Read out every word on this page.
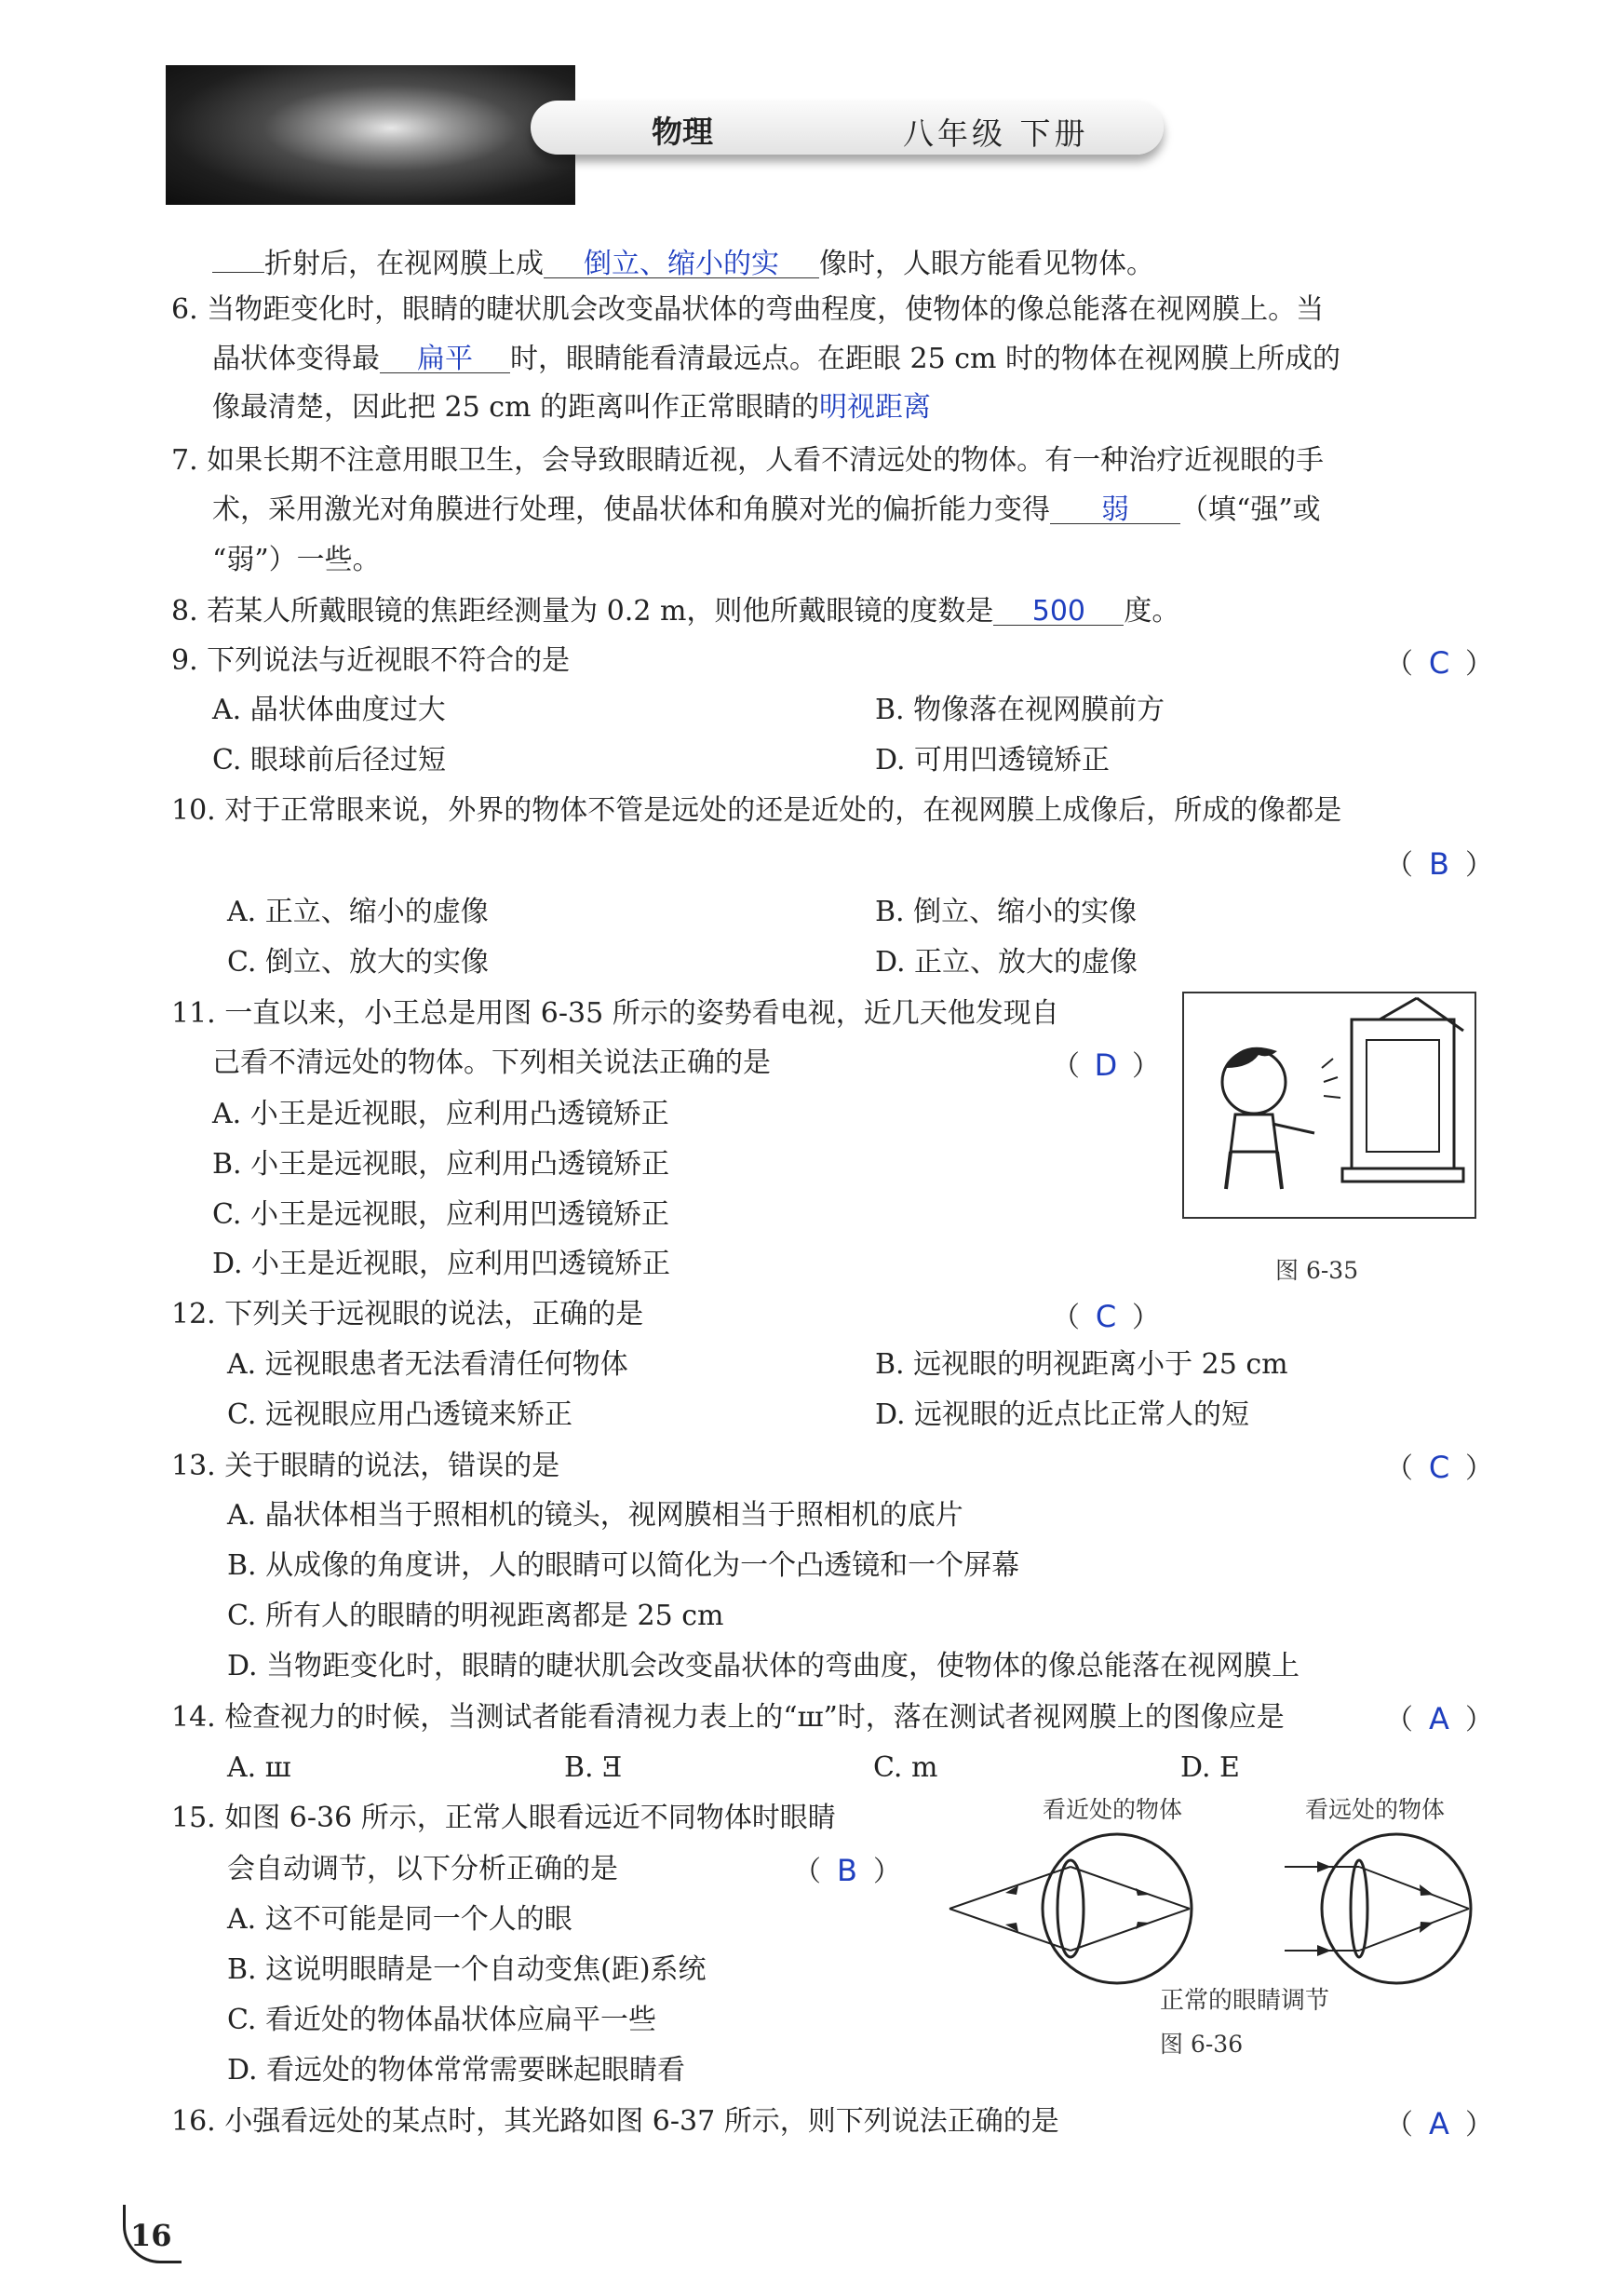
物理	八年级 下册
折射后，在视网膜上成 倒立、缩小的实 像时，人眼方能看见物体。
6. 当物距变化时，眼睛的睫状肌会改变晶状体的弯曲程度，使物体的像总能落在视网膜上。当
晶状体变得最 扁平 时，眼睛能看清最远点。在距眼 25 cm 时的物体在视网膜上所成的
像最清楚，因此把 25 cm 的距离叫作正常眼睛的明视距离
7. 如果长期不注意用眼卫生，会导致眼睛近视，人看不清远处的物体。有一种治疗近视眼的手
术，采用激光对角膜进行处理，使晶状体和角膜对光的偏折能力变得 弱 （填“强”或
“弱”）一些。
8. 若某人所戴眼镜的焦距经测量为 0.2 m，则他所戴眼镜的度数是 500 度。
9. 下列说法与近视眼不符合的是	（ C ）
A. 晶状体曲度过大	B. 物像落在视网膜前方
C. 眼球前后径过短	D. 可用凹透镜矫正
10. 对于正常眼来说，外界的物体不管是远处的还是近处的，在视网膜上成像后，所成的像都是
（ B ）
A. 正立、缩小的虚像	B. 倒立、缩小的实像
C. 倒立、放大的实像	D. 正立、放大的虚像
11. 一直以来，小王总是用图 6-35 所示的姿势看电视，近几天他发现自
己看不清远处的物体。下列相关说法正确的是	（ D ）
A. 小王是近视眼，应利用凸透镜矫正
B. 小王是远视眼，应利用凸透镜矫正
C. 小王是远视眼，应利用凹透镜矫正
D. 小王是近视眼，应利用凹透镜矫正	图 6-35
12. 下列关于远视眼的说法，正确的是	（ C ）
A. 远视眼患者无法看清任何物体	B. 远视眼的明视距离小于 25 cm
C. 远视眼应用凸透镜来矫正	D. 远视眼的近点比正常人的短
13. 关于眼睛的说法，错误的是	（ C ）
A. 晶状体相当于照相机的镜头，视网膜相当于照相机的底片
B. 从成像的角度讲，人的眼睛可以简化为一个凸透镜和一个屏幕
C. 所有人的眼睛的明视距离都是 25 cm
D. 当物距变化时，眼睛的睫状肌会改变晶状体的弯曲度，使物体的像总能落在视网膜上
14. 检查视力的时候，当测试者能看清视力表上的“ш”时，落在测试者视网膜上的图像应是	（ A ）
A. ш	B. Ǝ	C. m	D. E
15. 如图 6-36 所示，正常人眼看远近不同物体时眼睛
会自动调节，以下分析正确的是	（ B ）
A. 这不可能是同一个人的眼
B. 这说明眼睛是一个自动变焦(距)系统
C. 看近处的物体晶状体应扁平一些
D. 看远处的物体常常需要眯起眼睛看
看近处的物体	看远处的物体
正常的眼睛调节
图 6-36
16. 小强看远处的某点时，其光路如图 6-37 所示，则下列说法正确的是	（ A ）
16
